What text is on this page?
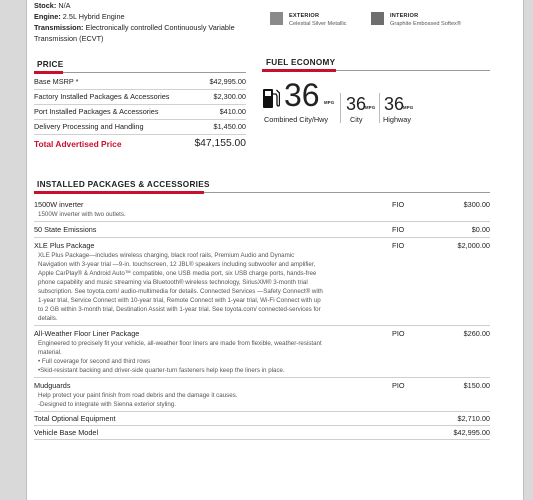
Stock: N/A
Engine: 2.5L Hybrid Engine
Transmission: Electronically controlled Continuously Variable Transmission (ECVT)
EXTERIOR
Celestial Silver Metallic
INTERIOR
Graphite Embossed Softex®
PRICE
Base MSRP *	$42,995.00
Factory Installed Packages & Accessories	$2,300.00
Port Installed Packages & Accessories	$410.00
Delivery Processing and Handling	$1,450.00
Total Advertised Price	$47,155.00
FUEL ECONOMY
36 MPG 36
MPG 36
MPG
Combined City/Hwy	City	Highway
INSTALLED PACKAGES & ACCESSORIES
1500W inverter	FIO	$300.00
1500W inverter with two outlets.
50 State Emissions	FIO	$0.00
XLE Plus Package	FIO	$2,000.00
XLE Plus Package—includes wireless charging, black roof rails, Premium Audio and Dynamic Navigation with 3-year trial —9-in. touchscreen, 12 JBL® speakers including subwoofer and amplifier, Apple CarPlay® & Android Auto™ compatible, one USB media port, six USB charge ports, hands-free phone capability and music streaming via Bluetooth® wireless technology, SiriusXM® 3-month trial subscription. See toyota.com/ audio-multimedia for details. Connected Services —Safety Connect® with 1-year trial, Service Connect with 10-year trial, Remote Connect with 1-year trial, Wi-Fi Connect with up to 2 GB within 3-month trial, Destination Assist with 1-year trial. See toyota.com/ connected-services for details.
All-Weather Floor Liner Package	PIO	$260.00
Engineered to precisely fit your vehicle, all-weather floor liners are made from flexible, weather-resistant material.
• Full coverage for second and third rows
•Skid-resistant backing and driver-side quarter-turn fasteners help keep the liners in place.
Mudguards	PIO	$150.00
Help protect your paint finish from road debris and the damage it causes.
-Designed to integrate with Sienna exterior styling.
Total Optional Equipment	$2,710.00
Vehicle Base Model	$42,995.00
